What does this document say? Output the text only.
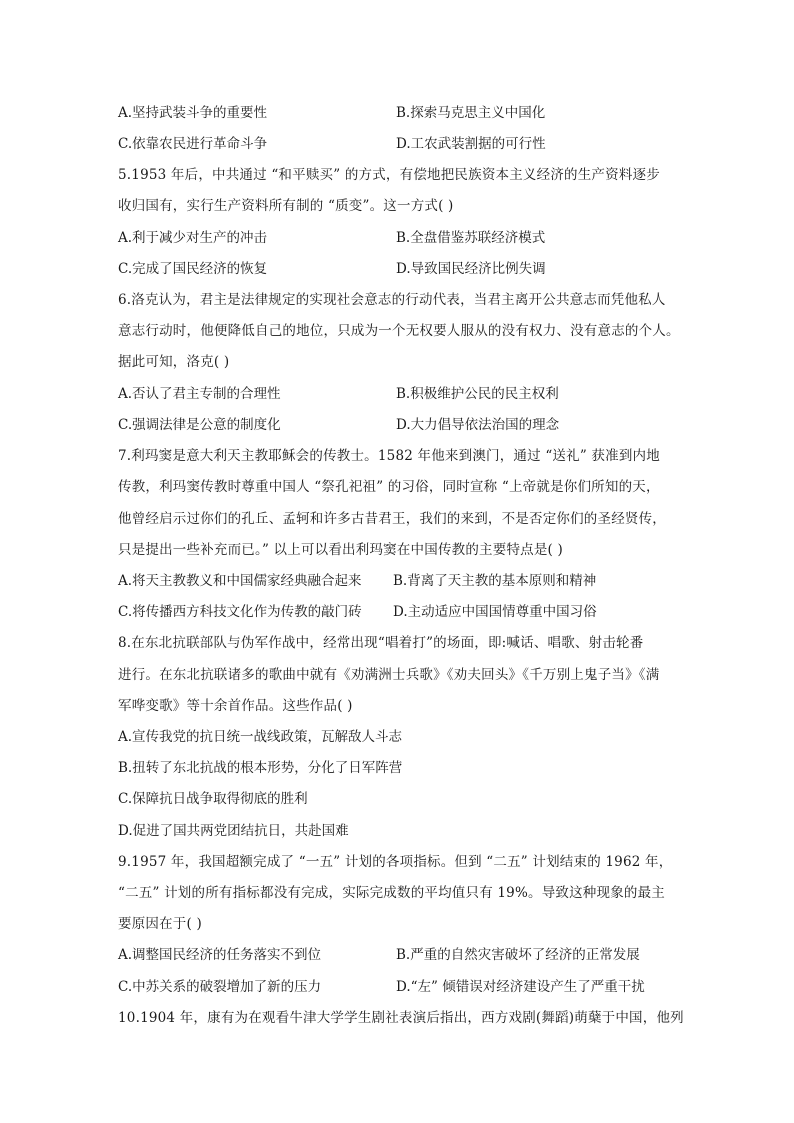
A.坚持武装斗争的重要性	B.探索马克思主义中国化
C.依靠农民进行革命斗争	D.工农武装割据的可行性
5.1953 年后，中共通过 “和平赎买” 的方式，有偿地把民族资本主义经济的生产资料逐步
收归国有，实行生产资料所有制的 “质变”。这一方式( )
A.利于减少对生产的冲击	B.全盘借鉴苏联经济模式
C.完成了国民经济的恢复	D.导致国民经济比例失调
6.洛克认为，君主是法律规定的实现社会意志的行动代表，当君主离开公共意志而凭他私人
意志行动时，他便降低自己的地位，只成为一个无权要人服从的没有权力、没有意志的个人。
据此可知，洛克( )
A.否认了君主专制的合理性	B.积极维护公民的民主权利
C.强调法律是公意的制度化	D.大力倡导依法治国的理念
7.利玛窦是意大利天主教耶稣会的传教士。1582 年他来到澳门，通过 “送礼” 获准到内地
传教，利玛窦传教时尊重中国人 “祭孔祀祖” 的习俗，同时宣称 “上帝就是你们所知的天，
他曾经启示过你们的孔丘、孟轲和许多古昔君王，我们的来到，不是否定你们的圣经贤传，
只是提出一些补充而已。” 以上可以看出利玛窦在中国传教的主要特点是( )
A.将天主教教义和中国儒家经典融合起来 B.背离了天主教的基本原则和精神
C.将传播西方科技文化作为传教的敲门砖 D.主动适应中国国情尊重中国习俗
8.在东北抗联部队与伪军作战中，经常出现“唱着打”的场面，即:喊话、唱歌、射击轮番
进行。在东北抗联诸多的歌曲中就有《劝满洲士兵歌》《劝夫回头》《千万别上鬼子当》《满
军哗变歌》等十余首作品。这些作品( )
A.宣传我党的抗日统一战线政策，瓦解敌人斗志
B.扭转了东北抗战的根本形势，分化了日军阵营
C.保障抗日战争取得彻底的胜利
D.促进了国共两党团结抗日，共赴国难
9.1957 年，我国超额完成了 “一五” 计划的各项指标。但到 “二五” 计划结束的 1962 年，
“二五” 计划的所有指标都没有完成，实际完成数的平均值只有 19%。导致这种现象的最主
要原因在于( )
A.调整国民经济的任务落实不到位	B.严重的自然灾害破坏了经济的正常发展
C.中苏关系的破裂增加了新的压力	D.“左” 倾错误对经济建设产生了严重干扰
10.1904 年，康有为在观看牛津大学学生剧社表演后指出，西方戏剧(舞蹈)萌蘖于中国，他列
